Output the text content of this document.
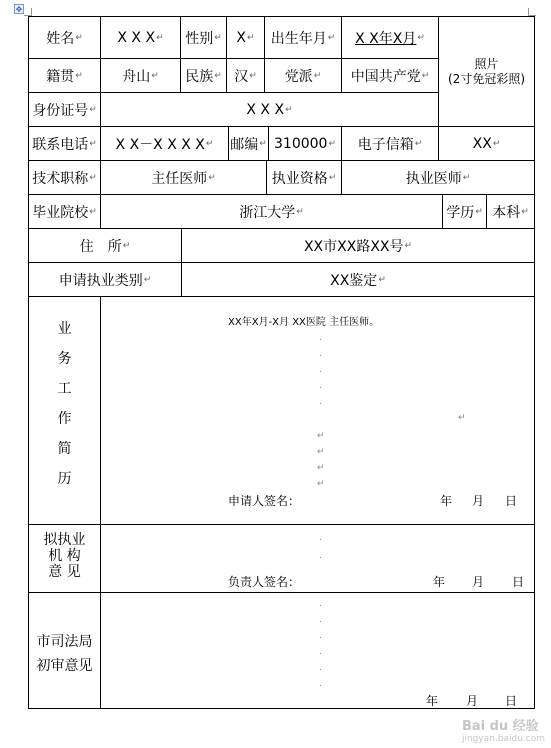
✥
姓名 ↵ X X X ↵ 性别 ↵ X ↵ 出生年月 ↵ X X年X月 ↵
照片
(2寸免冠彩照)
籍贯 ↵	舟山 ↵ 民族 ↵ 汉 ↵ 党派 ↵ 中国共产党 ↵
身份证号 ↵	X X X ↵
联系电话 ↵ X X－X X X X ↵ 邮编 ↵ 310000 ↵ 电子信箱 ↵	XX ↵
技术职称 ↵	主任医师 ↵	执业资格 ↵	执业医师 ↵
毕业院校 ↵	浙江大学 ↵	学历 ↵ 本科 ↵
住　所 ↵	XX市XX路XX号 ↵
申请执业类别 ↵	XX鉴定 ↵
业
务
工
作
简
历
XX年X月-X月 XX医院 主任医师。
.
.
.
.
.
↵
↵
↵
↵
↵
申请人签名：	年 月 日
拟执业
机 构
意 见
.
.
负责人签名：	年 月 日
市司法局
初审意见
.
.
.
.
.
.
年 月 日
Bai du 经验
jingyan.baidu.com
